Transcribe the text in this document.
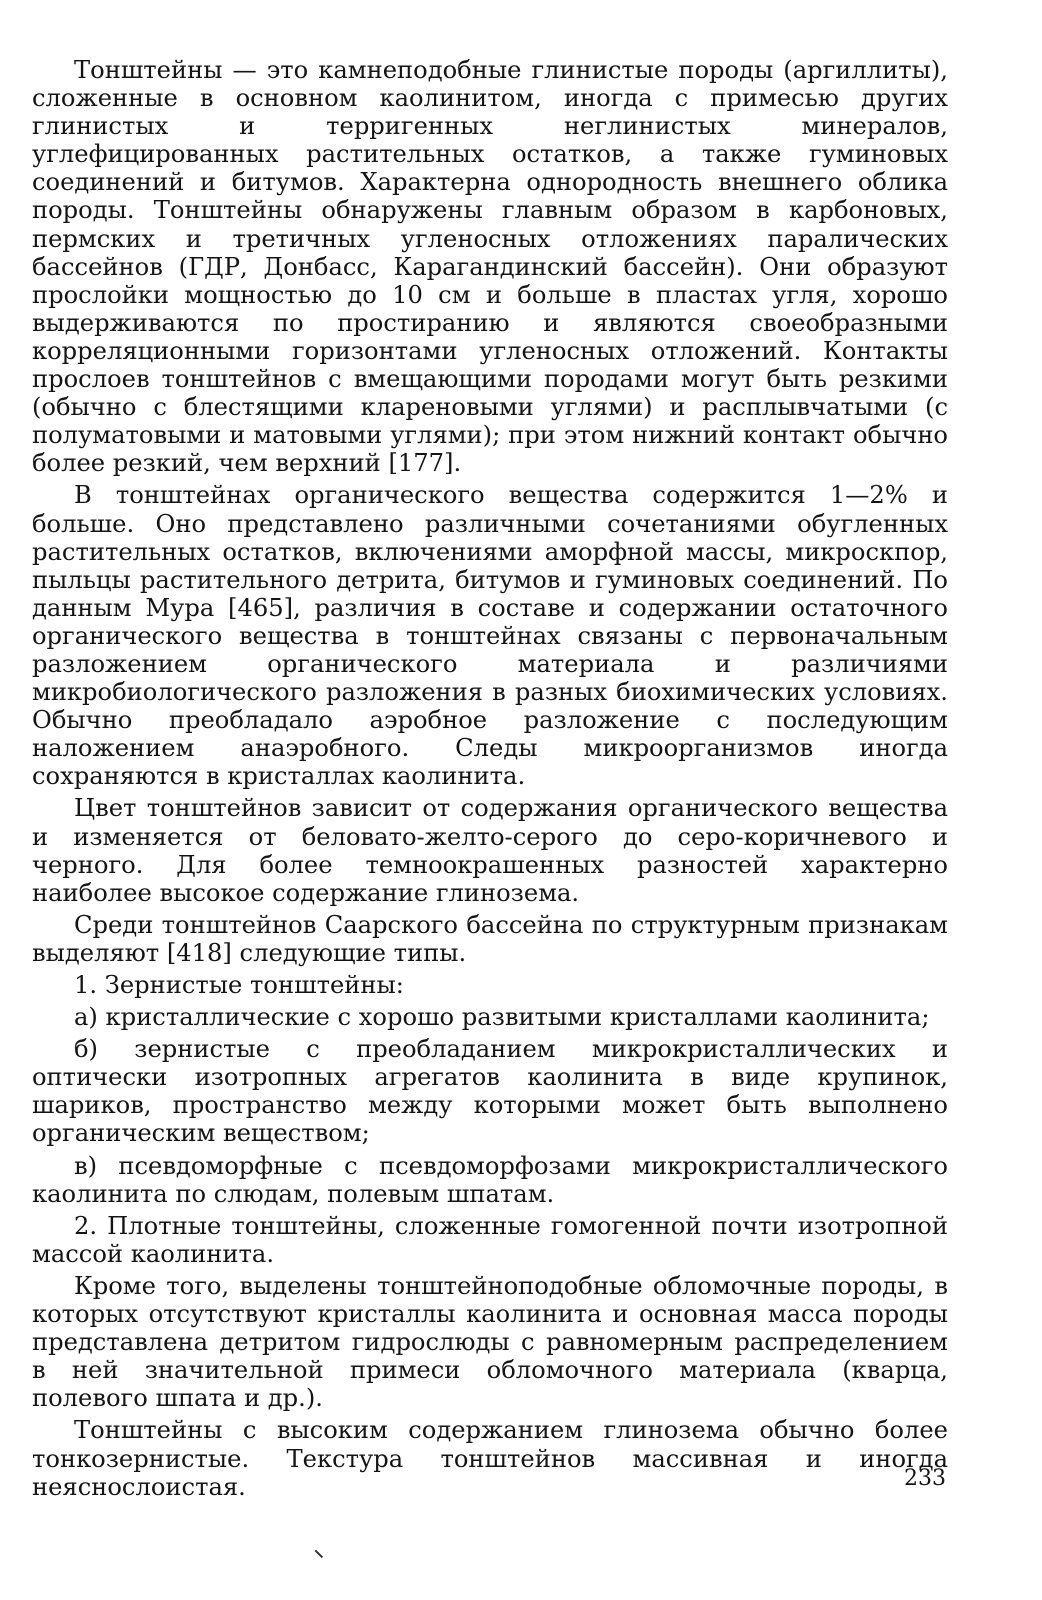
Тонштейны — это камнеподобные глинистые породы (аргиллиты), сложенные в основном каолинитом, иногда с примесью других глинистых и терригенных неглинистых минералов, углефицированных растительных остатков, а также гуминовых соединений и битумов. Характерна однородность внешнего облика породы. Тонштейны обнаружены главным образом в карбоновых, пермских и третичных угленосных отложениях паралических бассейнов (ГДР, Донбасс, Карагандинский бассейн). Они образуют прослойки мощностью до 10 см и больше в пластах угля, хорошо выдерживаются по простиранию и являются своеобразными корреляционными горизонтами угленосных отложений. Контакты прослоев тонштейнов с вмещающими породами могут быть резкими (обычно с блестящими клареновыми углями) и расплывчатыми (с полуматовыми и матовыми углями); при этом нижний контакт обычно более резкий, чем верхний [177].

В тонштейнах органического вещества содержится 1—2% и больше. Оно представлено различными сочетаниями обугленных растительных остатков, включениями аморфной массы, микроскпор, пыльцы растительного детрита, битумов и гуминовых соединений. По данным Мура [465], различия в составе и содержании остаточного органического вещества в тонштейнах связаны с первоначальным разложением органического материала и различиями микробиологического разложения в разных биохимических условиях. Обычно преобладало аэробное разложение с последующим наложением анаэробного. Следы микроорганизмов иногда сохраняются в кристаллах каолинита.

Цвет тонштейнов зависит от содержания органического вещества и изменяется от беловато-желто-серого до серо-коричневого и черного. Для более темноокрашенных разностей характерно наиболее высокое содержание глинозема.

Среди тонштейнов Саарского бассейна по структурным признакам выделяют [418] следующие типы.

1. Зернистые тонштейны:

а) кристаллические с хорошо развитыми кристаллами каолинита;

б) зернистые с преобладанием микрокристаллических и оптически изотропных агрегатов каолинита в виде крупинок, шариков, пространство между которыми может быть выполнено органическим веществом;

в) псевдоморфные с псевдоморфозами микрокристаллического каолинита по слюдам, полевым шпатам.

2. Плотные тонштейны, сложенные гомогенной почти изотропной массой каолинита.

Кроме того, выделены тонштейноподобные обломочные породы, в которых отсутствуют кристаллы каолинита и основная масса породы представлена детритом гидрослюды с равномерным распределением в ней значительной примеси обломочного материала (кварца, полевого шпата и др.).

Тонштейны с высоким содержанием глинозема обычно более тонкозернистые. Текстура тонштейнов массивная и иногда неяснослоистая.	233
